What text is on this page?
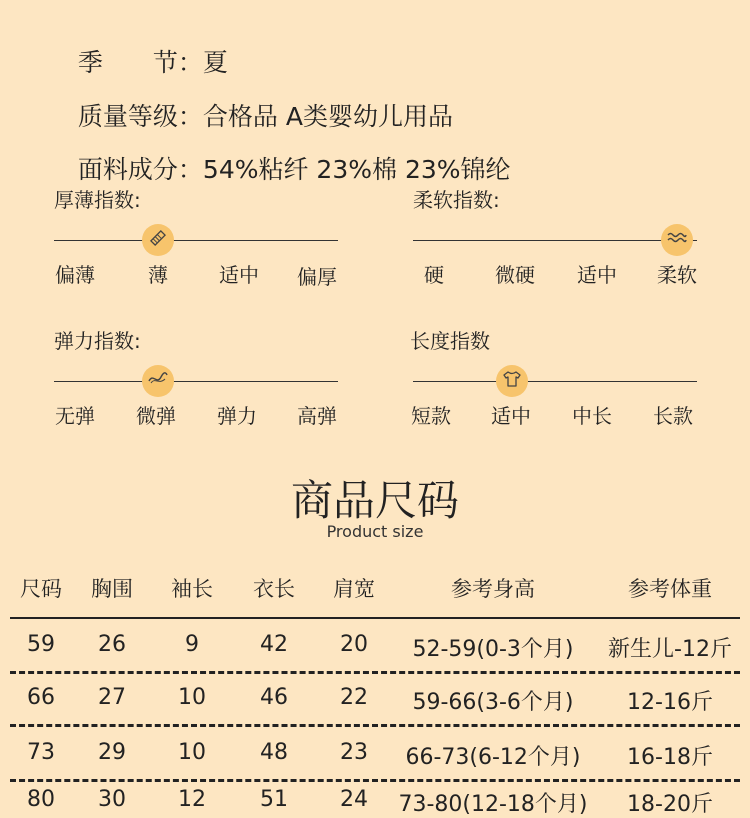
季　　节：夏

质量等级：合格品 A类婴幼儿用品

面料成分：54%粘纤 23%棉 23%锦纶

厚薄指数:
偏薄	薄	适中 偏厚
柔软指数:
硬	微硬 适中 柔软
弹力指数:
无弹 微弹 弹力 高弹
长度指数
短款 适中 中长 长款
商品尺码
Product size
尺码 胸围 袖长 衣长 肩宽	参考身高	参考体重
59 26	9	42 20 52-59(0-3个月) 新生儿-12斤
66 27 10 46 22 59-66(3-6个月) 12-16斤
73 29 10 48 23 66-73(6-12个月) 16-18斤
80 30 12 51 24 73-80(12-18个月) 18-20斤
